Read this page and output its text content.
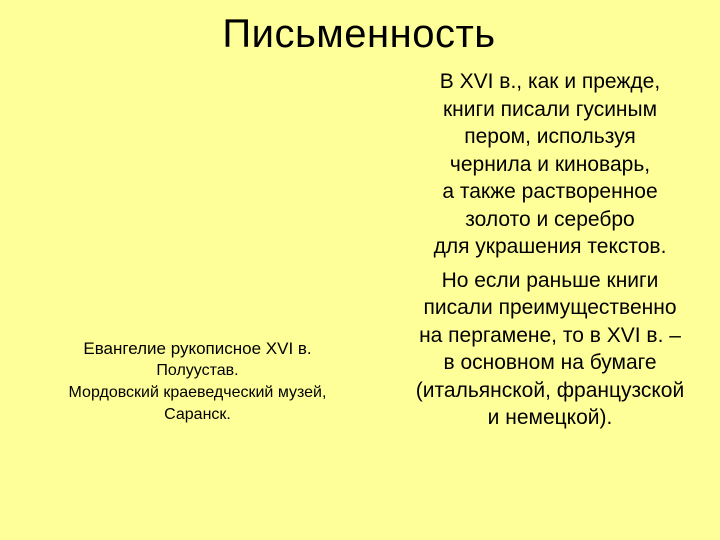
Письменность
Евангелие рукописное XVI в.
Полуустав.
Мордовский краеведческий музей,
Саранск.

В XVI в., как и прежде,
книги писали гусиным
пером, используя
чернила и киноварь,
а также растворенное
золото и серебро
для украшения текстов.

Но если раньше книги
писали преимущественно
на пергамене, то в XVI в. –
в основном на бумаге
(итальянской, французской
и немецкой).
